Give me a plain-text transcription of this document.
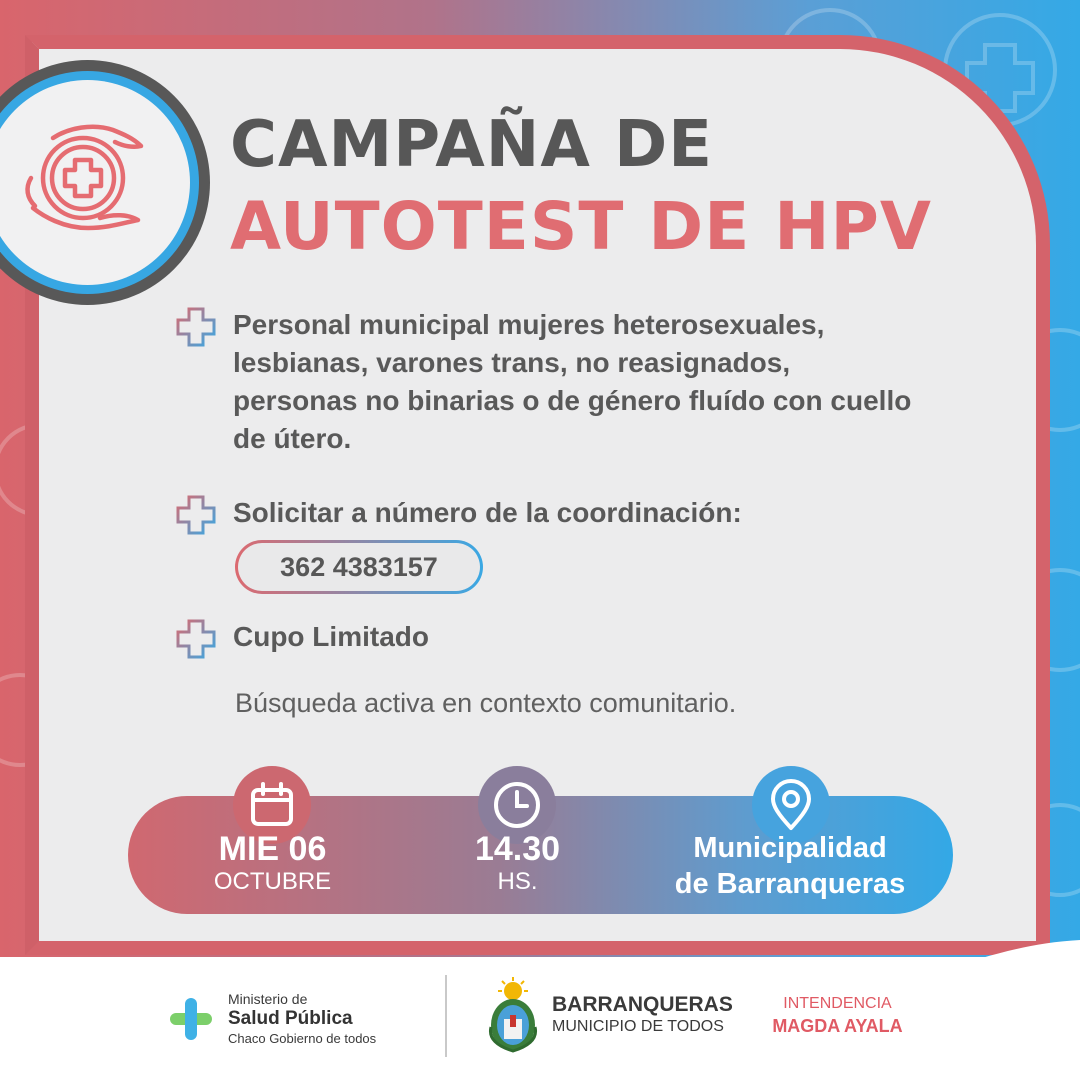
CAMPAÑA DE
AUTOTEST DE HPV
Personal municipal mujeres heterosexuales, lesbianas, varones trans, no reasignados, personas no binarias o de género fluído con cuello de útero.
Solicitar a número de la coordinación:
362 4383157
Cupo Limitado
Búsqueda activa en contexto comunitario.
MIE 06
OCTUBRE
14.30
HS.
Municipalidad
de Barranqueras
Ministerio de
Salud Pública
Chaco Gobierno de todos
BARRANQUERAS
MUNICIPIO DE TODOS
INTENDENCIA
MAGDA AYALA
